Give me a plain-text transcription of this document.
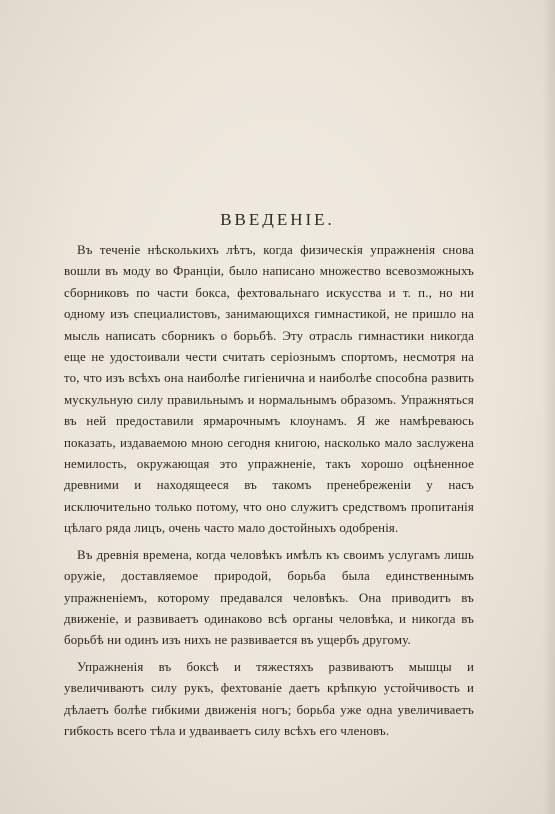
ВВЕДЕНІЕ.

Въ теченіе нѣсколькихъ лѣтъ, когда физическія упражненія снова вошли въ моду во Франціи, было написано множество всевозможныхъ сборниковъ по части бокса, фехтовальнаго искусства и т. п., но ни одному изъ специалистовъ, занимающихся гимнастикой, не пришло на мысль написать сборникъ о борьбѣ. Эту отрасль гимнастики никогда еще не удостоивали чести считать серіознымъ спортомъ, несмотря на то, что изъ всѣхъ она наиболѣе гигіенична и наиболѣе способна развить мускульную силу правильнымъ и нормальнымъ образомъ. Упражняться въ ней предоставили ярмарочнымъ клоунамъ. Я же намѣреваюсь показать, издаваемою мною сегодня книгою, насколько мало заслужена немилость, окружающая это упражненіе, такъ хорошо оцѣненное древними и находящееся въ такомъ пренебреженіи у насъ исключительно только потому, что оно служитъ средствомъ пропитанія цѣлаго ряда лицъ, очень часто мало достойныхъ одобренія.

Въ древнія времена, когда человѣкъ имѣлъ къ своимъ услугамъ лишь оружіе, доставляемое природой, борьба была единственнымъ упражненіемъ, которому предавался человѣкъ. Она приводитъ въ движеніе, и развиваетъ одинаково всѣ органы человѣка, и никогда въ борьбѣ ни одинъ изъ нихъ не развивается въ ущербъ другому.

Упражненія въ боксѣ и тяжестяхъ развиваютъ мышцы и увеличиваютъ силу рукъ, фехтованіе даетъ крѣпкую устойчивость и дѣлаетъ болѣе гибкими движенія ногъ; борьба уже одна увеличиваетъ гибкость всего тѣла и удваиваетъ силу всѣхъ его членовъ.
